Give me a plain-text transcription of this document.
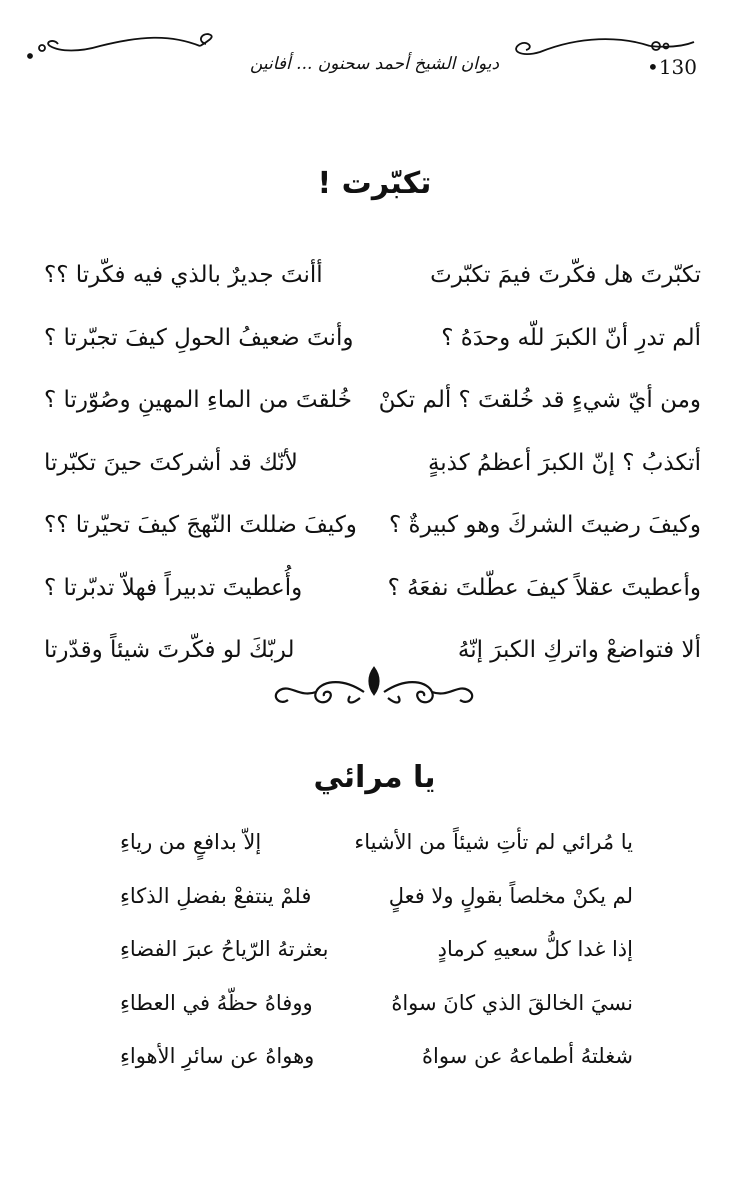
•130
ديوان الشيخ أحمد سحنون ... أفانين
تكبّرت !
تكبّرتَ هل فكّرتَ فيمَ تكبّرتَ
أأنتَ جديرٌ بالذي فيه فكّرتا ؟؟
ألم تدرِ أنّ الكبرَ للّه وحدَهُ ؟
وأنتَ ضعيفُ الحولِ كيفَ تجبّرتا ؟
ومن أيّ شيءٍ قد خُلقتَ ؟ ألم تكنْ
خُلقتَ من الماءِ المهينِ وصُوّرتا ؟
أتكذبُ ؟ إنّ الكبرَ أعظمُ كذبةٍ
لأنّك قد أشركتَ حينَ تكبّرتا
وكيفَ رضيتَ الشركَ وهو كبيرةٌ ؟
وكيفَ ضللتَ النّهجَ كيفَ تحيّرتا ؟؟
وأعطيتَ عقلاً كيفَ عطّلتَ نفعَهُ ؟
وأُعطيتَ تدبيراً فهلاّ تدبّرتا ؟
ألا فتواضعْ واتركِ الكبرَ إنّهُ
لربّكَ لو فكّرتَ شيئاً وقدّرتا
يا مرائي
يا مُرائي لم تأتِ شيئاً من الأشياء
إلاّ بدافعٍ من رياءِ
لم يكنْ مخلصاً بقولٍ ولا فعلٍ
فلمْ ينتفعْ بفضلِ الذكاءِ
إذا غدا كلُّ سعيهِ كرمادٍ
بعثرتهُ الرّياحُ عبرَ الفضاءِ
نسيَ الخالقَ الذي كانَ سواهُ
ووفاهُ حظّهُ في العطاءِ
شغلتهُ أطماعهُ عن سواهُ
وهواهُ عن سائرِ الأهواءِ
